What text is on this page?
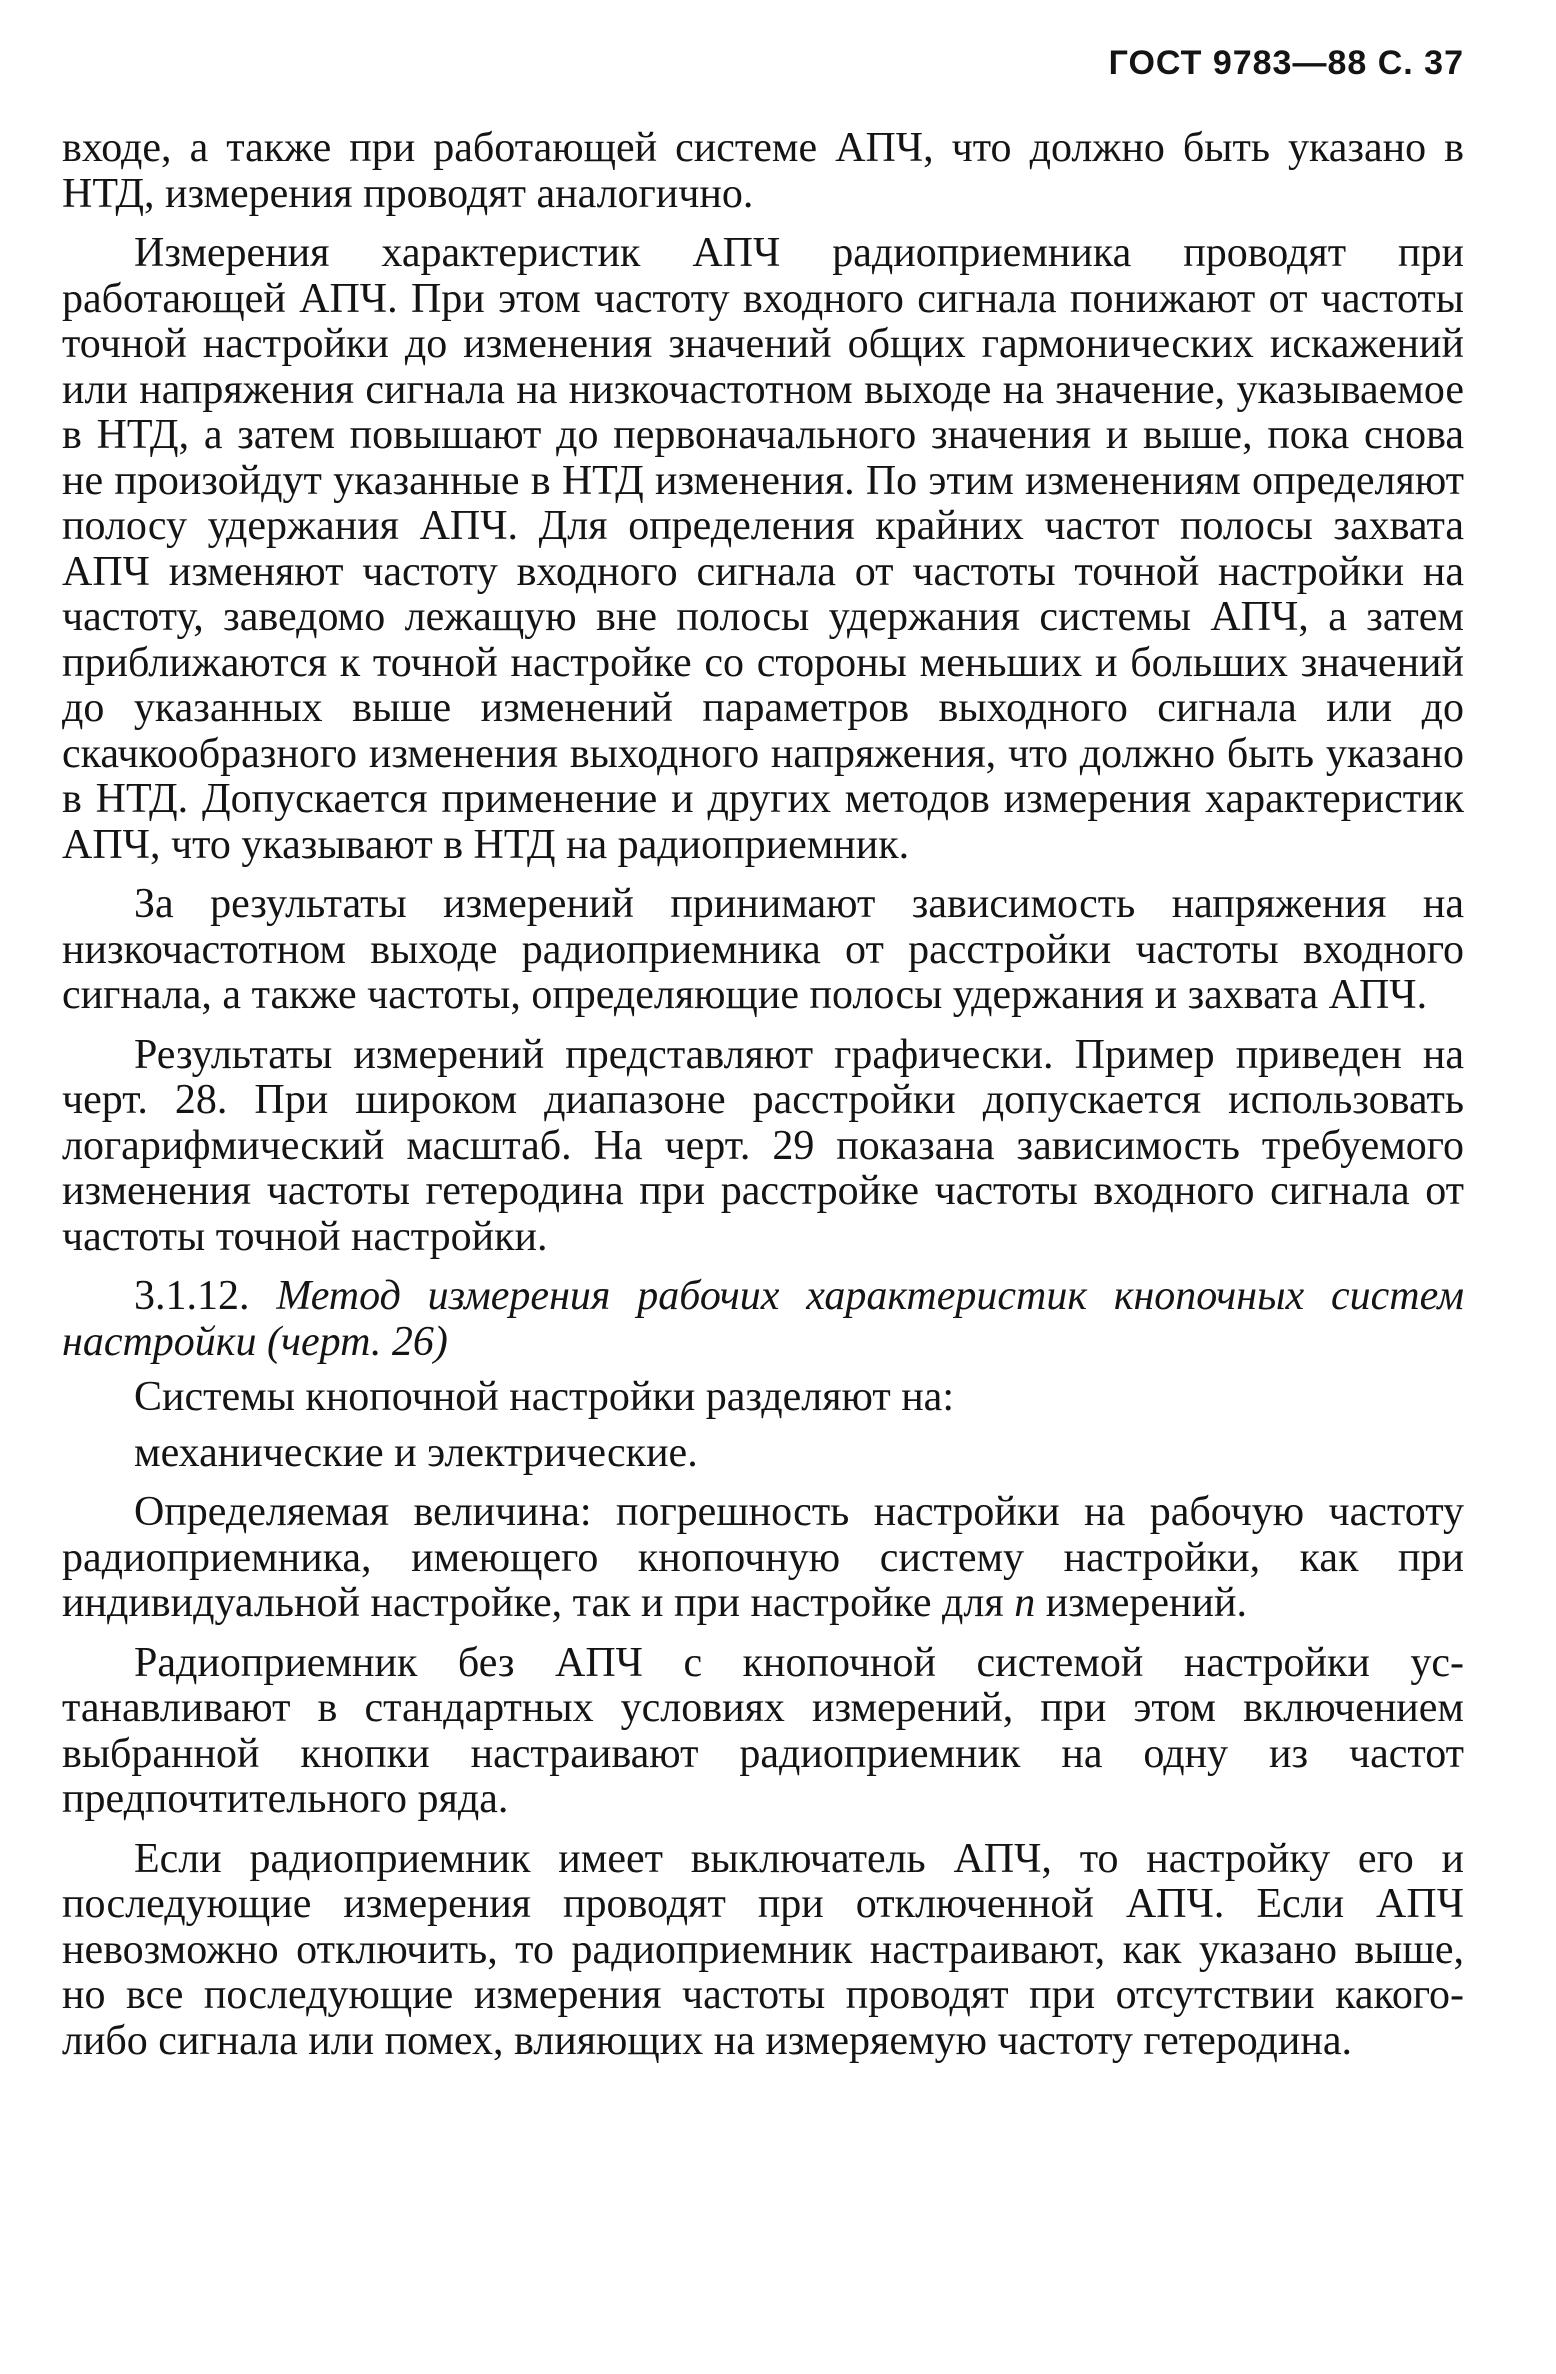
ГОСТ 9783—88 С. 37

входе, а также при работающей системе АПЧ, что должно быть указано в НТД, измерения проводят аналогично.

Измерения характеристик АПЧ радиоприемника проводят при работающей АПЧ. При этом частоту входного сигнала понижают от частоты точной настройки до изменения значений общих гармонических искажений или напряжения сигнала на низкочастотном выходе на значение, указываемое в НТД, а затем повышают до первоначального значения и выше, пока снова не произойдут указанные в НТД изменения. По этим изменениям определяют полосу удержания АПЧ. Для определения крайних частот полосы захвата АПЧ изменяют частоту входного сигнала от частоты точной настройки на частоту, заведомо лежащую вне полосы удержания системы АПЧ, а затем приближаются к точной настройке со стороны меньших и больших значений до указанных выше изменений параметров выходного сигнала или до скачкообразного изменения выходного напряжения, что должно быть указано в НТД. Допускается применение и других методов измерения характеристик АПЧ, что указывают в НТД на радиоприемник.

За результаты измерений принимают зависимость напряжения на низкочастотном выходе радиоприемника от расстройки частоты входного сигнала, а также частоты, определяющие полосы удержания и захвата АПЧ.

Результаты измерений представляют графически. Пример приведен на черт. 28. При широком диапазоне расстройки допускается использовать логарифмический масштаб. На черт. 29 показана зависимость требуемого изменения частоты гетеродина при расстройке частоты входного сигнала от частоты точной настройки.

3.1.12. Метод измерения рабочих характеристик кнопочных систем настройки (черт. 26)

Системы кнопочной настройки разделяют на:

механические и электрические.

Определяемая величина: погрешность настройки на рабочую частоту радиоприемника, имеющего кнопочную систему настройки, как при индивидуальной настройке, так и при настройке для n измерений.

Радиоприемник без АПЧ с кнопочной системой настройки устанавливают в стандартных условиях измерений, при этом включением выбранной кнопки настраивают радиоприемник на одну из частот предпочтительного ряда.

Если радиоприемник имеет выключатель АПЧ, то настройку его и последующие измерения проводят при отключенной АПЧ. Если АПЧ невозможно отключить, то радиоприемник настраивают, как указано выше, но все последующие измерения частоты проводят при отсутствии какого-либо сигнала или помех, влияющих на измеряемую частоту гетеродина.
